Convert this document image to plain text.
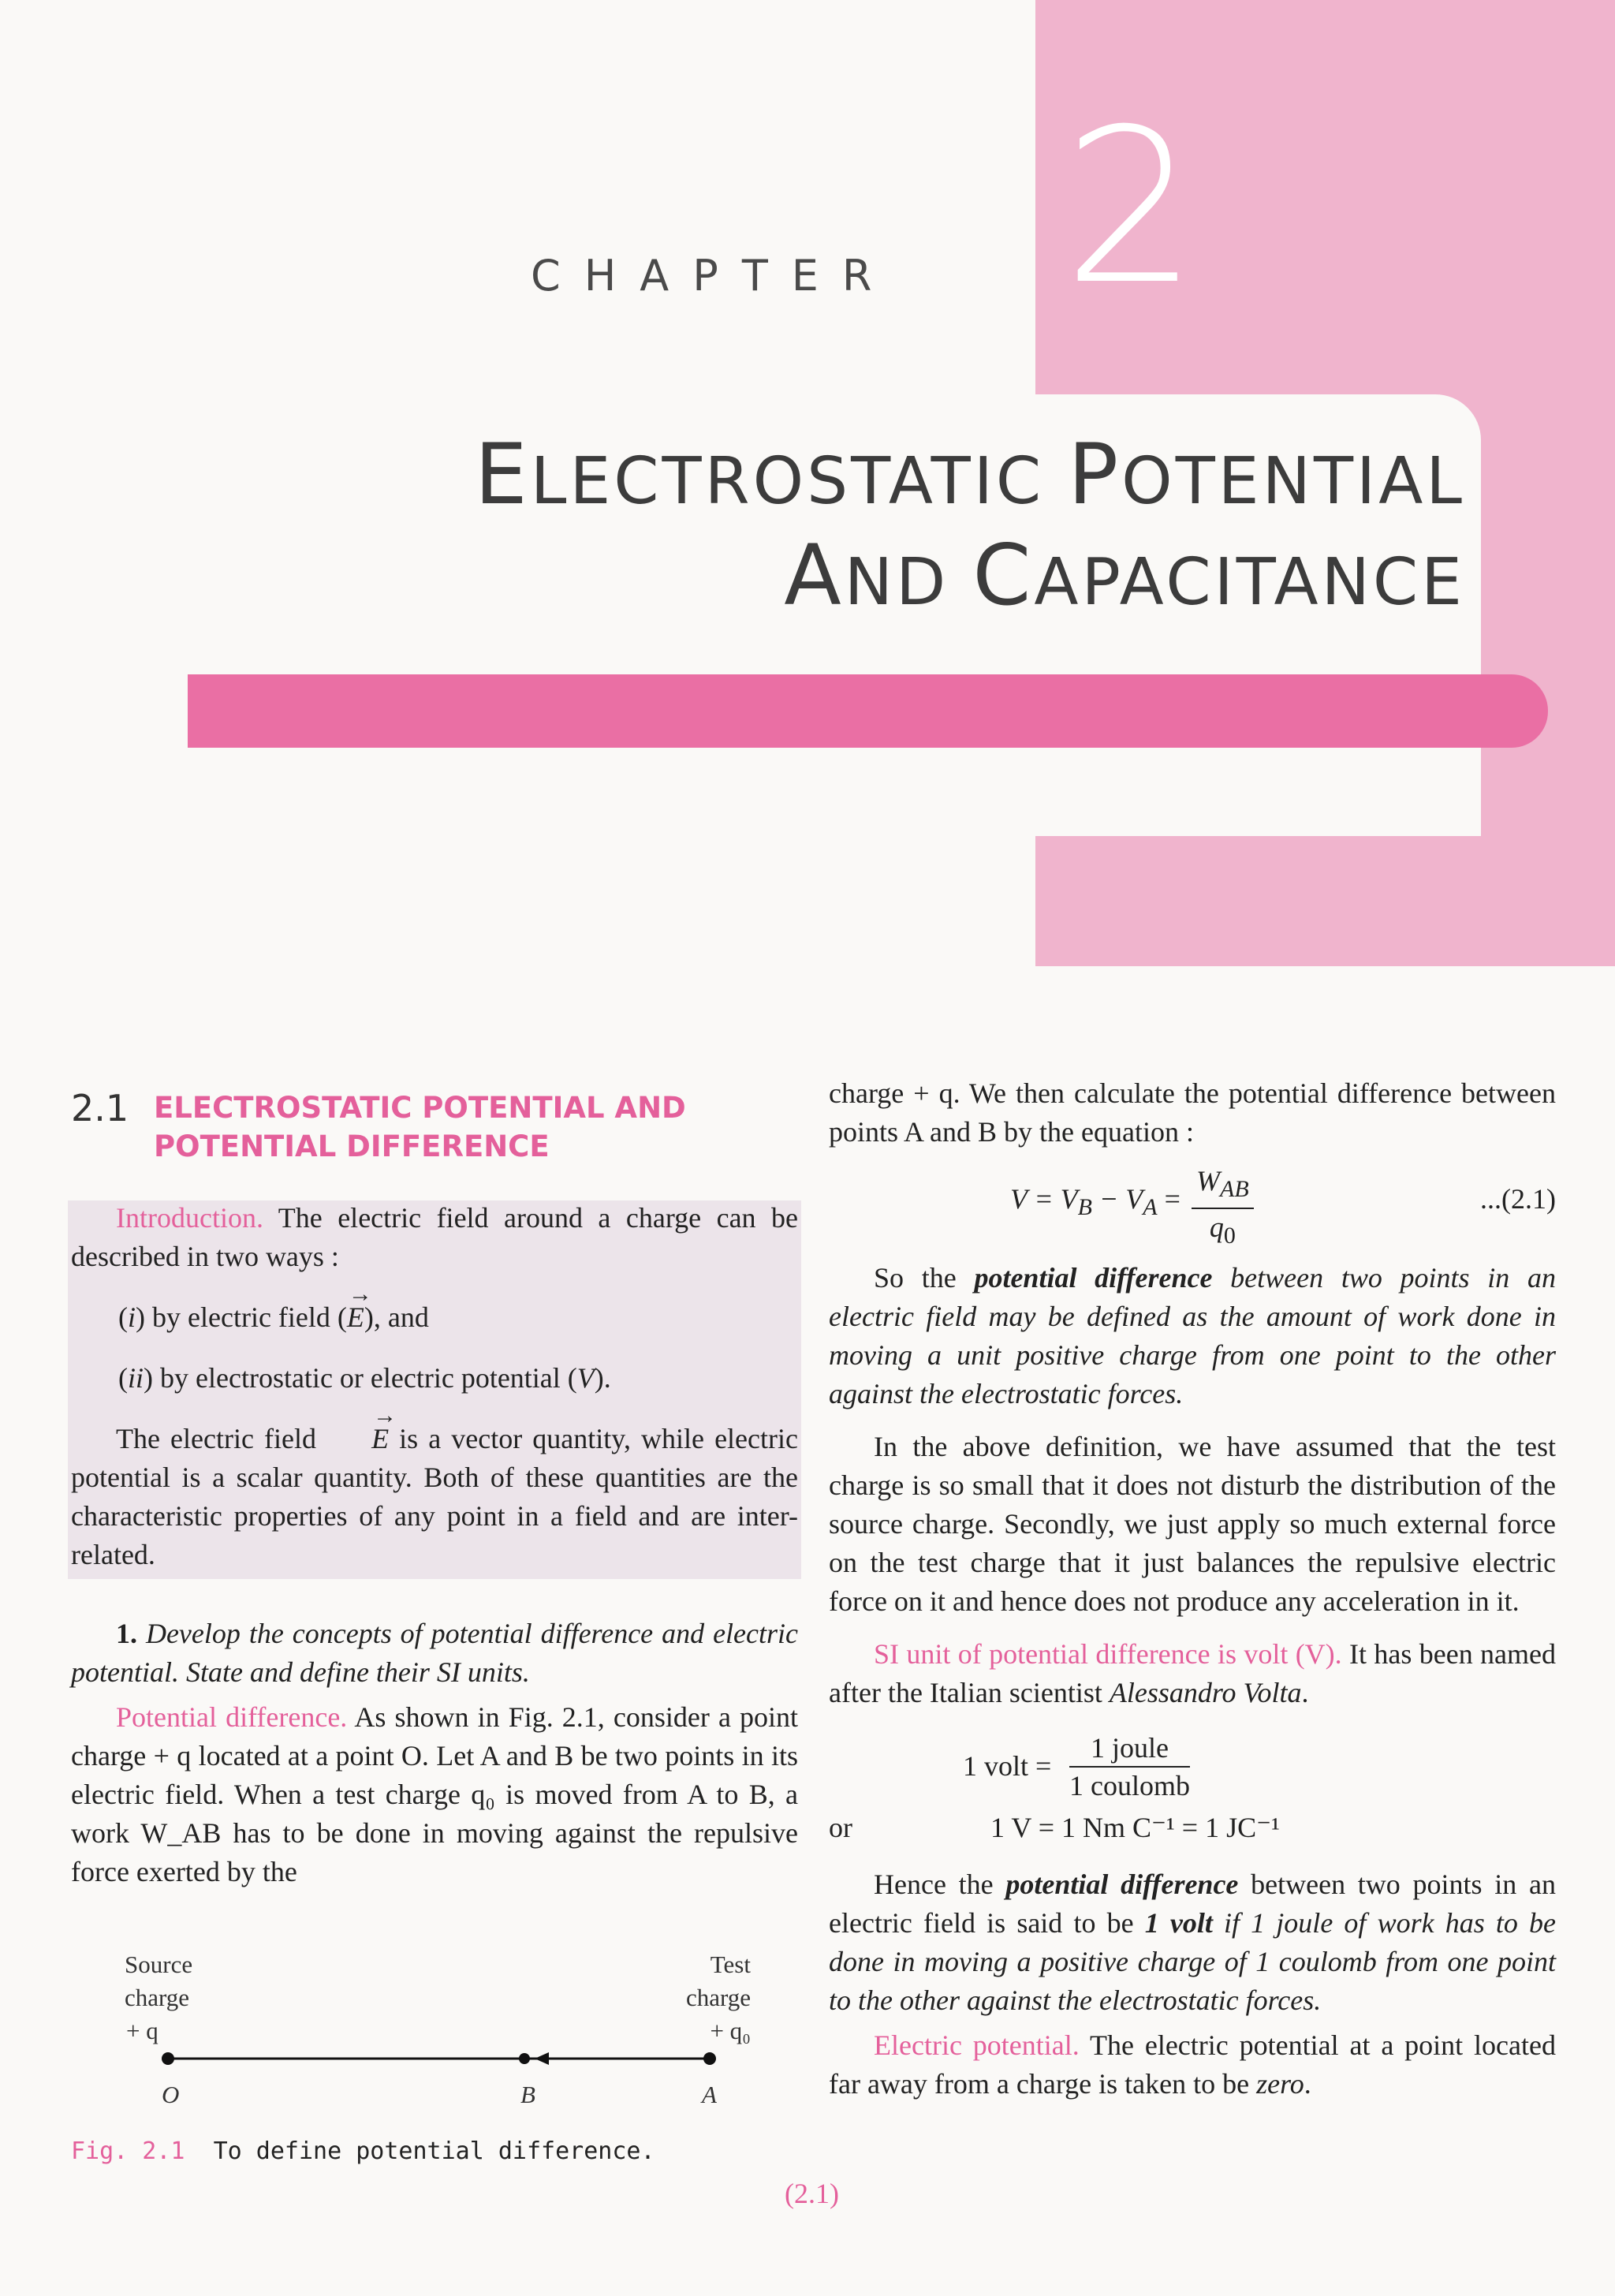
CHAPTER 2
ELECTROSTATIC POTENTIAL
AND CAPACITANCE
2.1 ELECTROSTATIC POTENTIAL AND POTENTIAL DIFFERENCE

Introduction. The electric field around a charge can be described in two ways :

(i) by electric field (→ E), and

(ii) by electrostatic or electric potential (V).

The electric field → E is a vector quantity, while electric potential is a scalar quantity. Both of these quantities are the characteristic properties of any point in a field and are inter-related.

1. Develop the concepts of potential difference and electric potential. State and define their SI units.

Potential difference. As shown in Fig. 2.1, consider a point charge + q located at a point O. Let A and B be two points in its electric field. When a test charge q₀ is moved from A to B, a work W_AB has to be done in moving against the repulsive force exerted by the

Source
charge
+ q
Test
charge
+ q₀
O	B	A
Fig. 2.1 To define potential difference.

charge + q. We then calculate the potential difference between points A and B by the equation :

$V = V_B - V_A$ =
$W_{AB}$
$q_0$
...(2.1)

So the potential difference between two points in an electric field may be defined as the amount of work done in moving a unit positive charge from one point to the other against the electrostatic forces.

In the above definition, we have assumed that the test charge is so small that it does not disturb the distribution of the source charge. Secondly, we just apply so much external force on the test charge that it just balances the repulsive electric force on it and hence does not produce any acceleration in it.

SI unit of potential difference is volt (V). It has been named after the Italian scientist Alessandro Volta.

1 volt =
1 joule
1 coulomb
or	1 V = 1 Nm C⁻¹ = 1 JC⁻¹

Hence the potential difference between two points in an electric field is said to be 1 volt if 1 joule of work has to be done in moving a positive charge of 1 coulomb from one point to the other against the electrostatic forces.

Electric potential. The electric potential at a point located far away from a charge is taken to be zero.

(2.1)
